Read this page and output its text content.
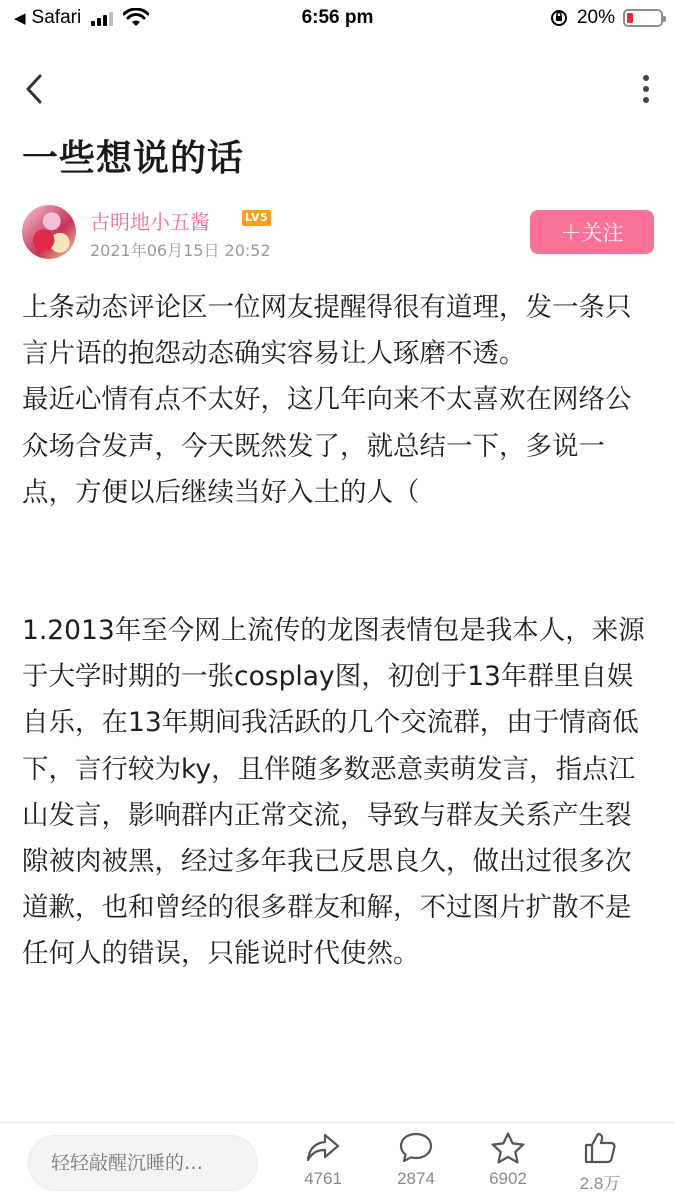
◀ Safari	6:56 pm	20%
一些想说的话
古明地小五酱	LV5
2021年06月15日 20:52
＋关注

上条动态评论区一位网友提醒得很有道理，发一条只言片语的抱怨动态确实容易让人琢磨不透。

最近心情有点不太好，这几年向来不太喜欢在网络公众场合发声，今天既然发了，就总结一下，多说一点，方便以后继续当好入土的人（

1.2013年至今网上流传的龙图表情包是我本人，来源于大学时期的一张cosplay图，初创于13年群里自娱自乐，在13年期间我活跃的几个交流群，由于情商低下，言行较为ky，且伴随多数恶意卖萌发言，指点江山发言，影响群内正常交流，导致与群友关系产生裂隙被肉被黑，经过多年我已反思良久，做出过很多次道歉，也和曾经的很多群友和解，不过图片扩散不是任何人的错误，只能说时代使然。

轻轻敲醒沉睡的…
4761	2874	6902	2.8万
